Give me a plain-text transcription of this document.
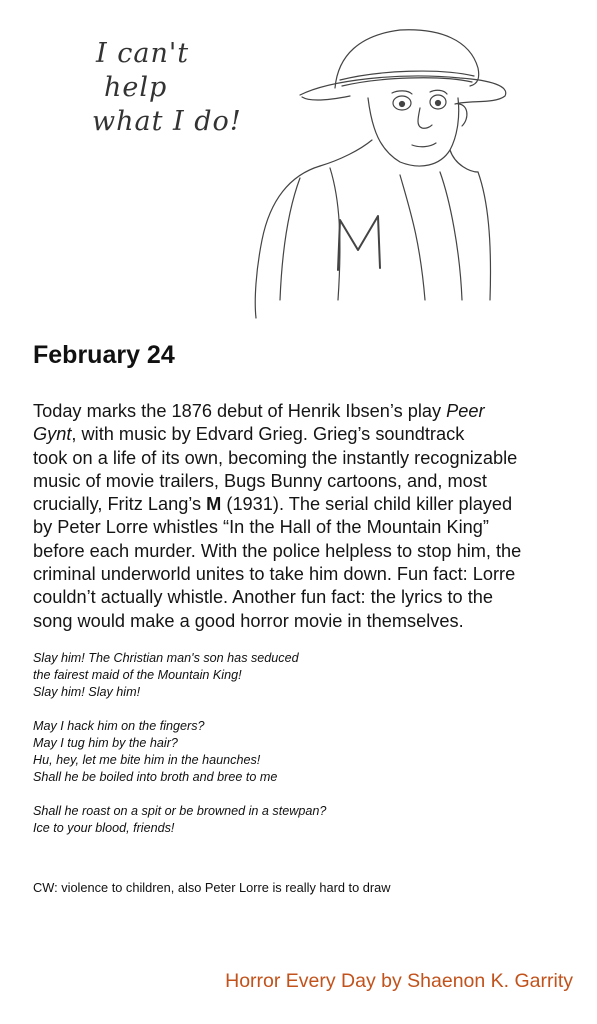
I can't
help
what I do!
February 24

Today marks the 1876 debut of Henrik Ibsen’s play Peer

Gynt, with music by Edvard Grieg. Grieg’s soundtrack

took on a life of its own, becoming the instantly recognizable

music of movie trailers, Bugs Bunny cartoons, and, most

crucially, Fritz Lang’s M (1931). The serial child killer played

by Peter Lorre whistles “In the Hall of the Mountain King”

before each murder. With the police helpless to stop him, the

criminal underworld unites to take him down. Fun fact: Lorre

couldn’t actually whistle. Another fun fact: the lyrics to the

song would make a good horror movie in themselves.

Slay him! The Christian man's son has seduced
the fairest maid of the Mountain King!
Slay him! Slay him!
May I hack him on the fingers?
May I tug him by the hair?
Hu, hey, let me bite him in the haunches!
Shall he be boiled into broth and bree to me
Shall he roast on a spit or be browned in a stewpan?
Ice to your blood, friends!
CW: violence to children, also Peter Lorre is really hard to draw
Horror Every Day by Shaenon K. Garrity
